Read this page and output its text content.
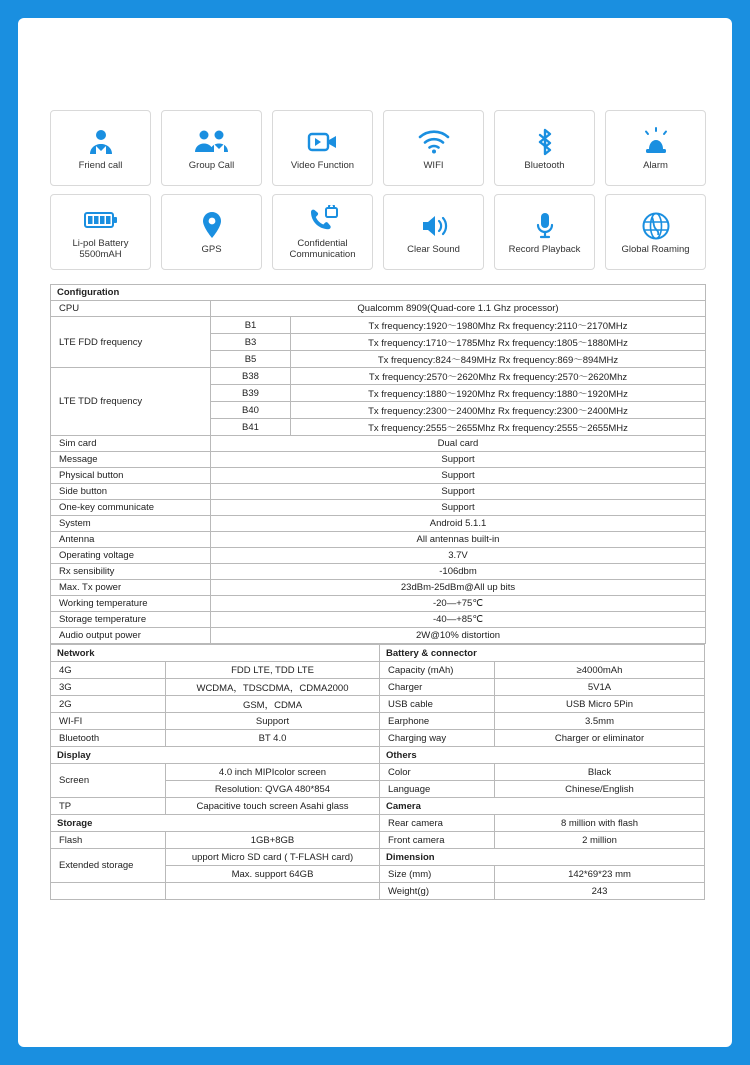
Friend call	Group Call	Video Function	WIFI	Bluetooth	Alarm
Li-pol Battery 5500mAH	GPS	Confidential Communication	Clear Sound	Record Playback	Global Roaming
Configuration		
CPU	Qualcomm 8909(Quad-core 1.1 Ghz processor)	
LTE FDD frequency	B1	Tx frequency:1920～1980Mhz Rx frequency:2110～2170MHz
	B3	Tx frequency:1710～1785Mhz Rx frequency:1805～1880MHz
	B5	Tx frequency:824～849MHz Rx frequency:869～894MHz
LTE TDD frequency	B38	Tx frequency:2570～2620Mhz Rx frequency:2570～2620Mhz
	B39	Tx frequency:1880～1920Mhz Rx frequency:1880～1920MHz
	B40	Tx frequency:2300～2400Mhz Rx frequency:2300～2400MHz
	B41	Tx frequency:2555～2655Mhz Rx frequency:2555～2655MHz
Sim card	Dual card	
Message	Support	
Physical button	Support	
Side button	Support	
One-key communicate	Support	
System	Android 5.1.1	
Antenna	All antennas built-in	
Operating voltage	3.7V	
Rx sensibility	-106dbm	
Max. Tx power	23dBm-25dBm@All up bits	
Working temperature	-20—+75℃	
Storage temperature	-40—+85℃	
Audio output power	2W@10% distortion	
Network	
4G	FDD LTE, TDD LTE
3G	WCDMA，TDSCDMA，CDMA2000
2G	GSM，CDMA
WI-FI	Support
Bluetooth	BT 4.0
Display	
Screen	4.0 inch MIPIcolor screen
	Resolution: QVGA 480*854
TP	Capacitive touch screen Asahi glass
Storage	
Flash	1GB+8GB
Extended storage	upport Micro SD card ( T-FLASH card)
	Max. support 64GB

Battery & connector	
Capacity (mAh)	≥4000mAh
Charger	5V1A
USB cable	USB Micro 5Pin
Earphone	3.5mm
Charging way	Charger or eliminator
Others	
Color	Black
Language	Chinese/English
Camera	
Rear camera	8 million with flash
Front camera	2 million
Dimension	
Size (mm)	142*69*23 mm
Weight(g)	243
